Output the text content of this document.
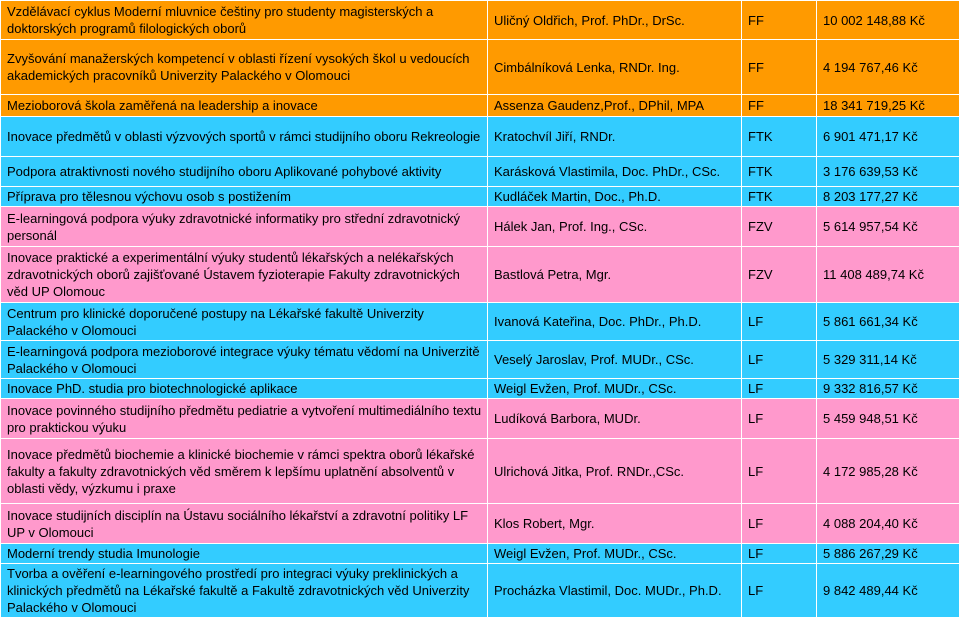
Vzdělávací cyklus Moderní mluvnice češtiny pro studenty magisterských a doktorských programů filologických oborů	Uličný Oldřich, Prof. PhDr., DrSc.	FF	10 002 148,88 Kč
Zvyšování manažerských kompetencí v oblasti řízení vysokých škol u vedoucích akademických pracovníků Univerzity Palackého v Olomouci	Cimbálníková Lenka, RNDr. Ing.	FF	4 194 767,46 Kč
Mezioborová škola zaměřená na leadership a inovace	Assenza Gaudenz,Prof., DPhil, MPA	FF	18 341 719,25 Kč
Inovace předmětů v oblasti výzvových sportů v rámci studijního oboru Rekreologie	Kratochvíl Jiří, RNDr.	FTK	6 901 471,17 Kč
Podpora atraktivnosti nového studijního oboru Aplikované pohybové aktivity	Karásková Vlastimila, Doc. PhDr., CSc.	FTK	3 176 639,53 Kč
Příprava pro tělesnou výchovu osob s postižením	Kudláček Martin, Doc., Ph.D.	FTK	8 203 177,27 Kč
E-learningová podpora výuky zdravotnické informatiky pro střední zdravotnický personál	Hálek Jan, Prof. Ing., CSc.	FZV	5 614 957,54 Kč
Inovace praktické a experimentální výuky studentů lékařských a nelékařských zdravotnických oborů zajišťované Ústavem fyzioterapie Fakulty zdravotnických věd UP Olomouc	Bastlová Petra, Mgr.	FZV	11 408 489,74 Kč
Centrum pro klinické doporučené postupy na Lékařské fakultě Univerzity Palackého v Olomouci	Ivanová Kateřina, Doc. PhDr., Ph.D.	LF	5 861 661,34 Kč
E-learningová podpora mezioborové integrace výuky tématu vědomí na Univerzitě Palackého v Olomouci	Veselý Jaroslav, Prof. MUDr., CSc.	LF	5 329 311,14 Kč
Inovace PhD. studia pro biotechnologické aplikace	Weigl Evžen, Prof. MUDr., CSc.	LF	9 332 816,57 Kč
Inovace povinného studijního předmětu pediatrie a vytvoření multimediálního textu pro praktickou výuku	Ludíková Barbora, MUDr.	LF	5 459 948,51 Kč
Inovace předmětů biochemie a klinické biochemie v rámci spektra oborů lékařské fakulty a fakulty zdravotnických věd směrem k lepšímu uplatnění absolventů v oblasti vědy, výzkumu i praxe	Ulrichová Jitka, Prof. RNDr.,CSc.	LF	4 172 985,28 Kč
Inovace studijních disciplín na Ústavu sociálního lékařství a zdravotní politiky LF UP v Olomouci	Klos Robert, Mgr.	LF	4 088 204,40 Kč
Moderní trendy studia Imunologie	Weigl Evžen, Prof. MUDr., CSc.	LF	5 886 267,29 Kč
Tvorba a ověření e-learningového prostředí pro integraci výuky preklinických a klinických předmětů na Lékařské fakultě a Fakultě zdravotnických věd Univerzity Palackého v Olomouci	Procházka Vlastimil, Doc. MUDr., Ph.D.	LF	9 842 489,44 Kč
